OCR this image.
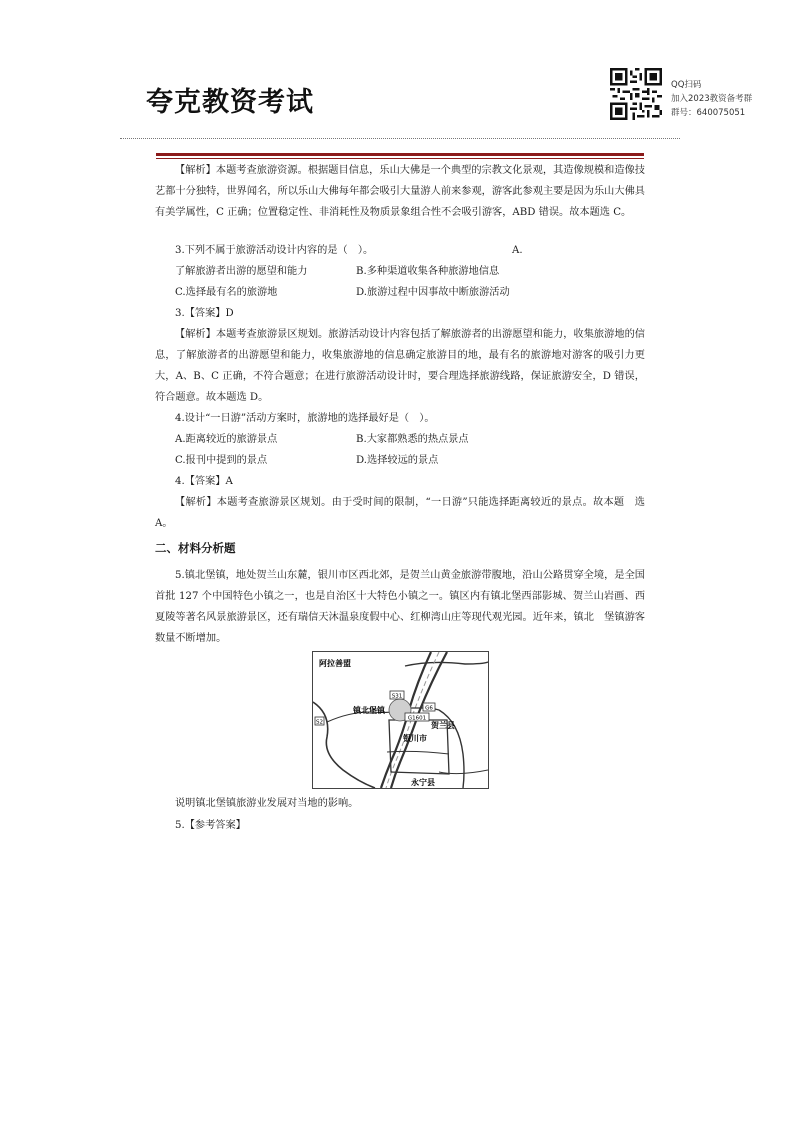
夸克教资考试
QQ扫码
加入2023教资备考群
群号：640075051

【解析】本题考查旅游资源。根据题目信息，乐山大佛是一个典型的宗教文化景观，其造像规模和造像技艺都十分独特，世界闻名，所以乐山大佛每年都会吸引大量游人前来参观，游客此参观主要是因为乐山大佛具有美学属性，C 正确；位置稳定性、非消耗性及物质景象组合性不会吸引游客，ABD 错误。故本题选 C。

3.下列不属于旅游活动设计内容的是（　）。	A.
了解旅游者出游的愿望和能力	B.多种渠道收集各种旅游地信息
C.选择最有名的旅游地	D.旅游过程中因事故中断旅游活动
3.【答案】D

【解析】本题考查旅游景区规划。旅游活动设计内容包括了解旅游者的出游愿望和能力，收集旅游地的信息，了解旅游者的出游愿望和能力，收集旅游地的信息确定旅游目的地，最有名的旅游地对游客的吸引力更大，A、B、C 正确，不符合题意；在进行旅游活动设计时，要合理选择旅游线路，保证旅游安全，D 错误，符合题意。故本题选 D。

4.设计“一日游”活动方案时，旅游地的选择最好是（　）。
A.距离较近的旅游景点	B.大家都熟悉的热点景点
C.报刊中提到的景点	D.选择较远的景点
4.【答案】A

【解析】本题考查旅游景区规划。由于受时间的限制，“一日游”只能选择距离较近的景点。故本题　选 A。

二、材料分析题

5.镇北堡镇，地处贺兰山东麓，银川市区西北郊，是贺兰山黄金旅游带腹地，沿山公路贯穿全境，是全国首批 127 个中国特色小镇之一，也是自治区十大特色小镇之一。镇区内有镇北堡西部影城、贺兰山岩画、西夏陵等著名风景旅游景区，还有瑞信天沐温泉度假中心、红柳湾山庄等现代观光园。近年来，镇北　堡镇游客数量不断增加。

S31
G6
S2
G1601
阿拉善盟
镇北堡镇
贺兰县
银川市
永宁县
说明镇北堡镇旅游业发展对当地的影响。
5.【参考答案】
